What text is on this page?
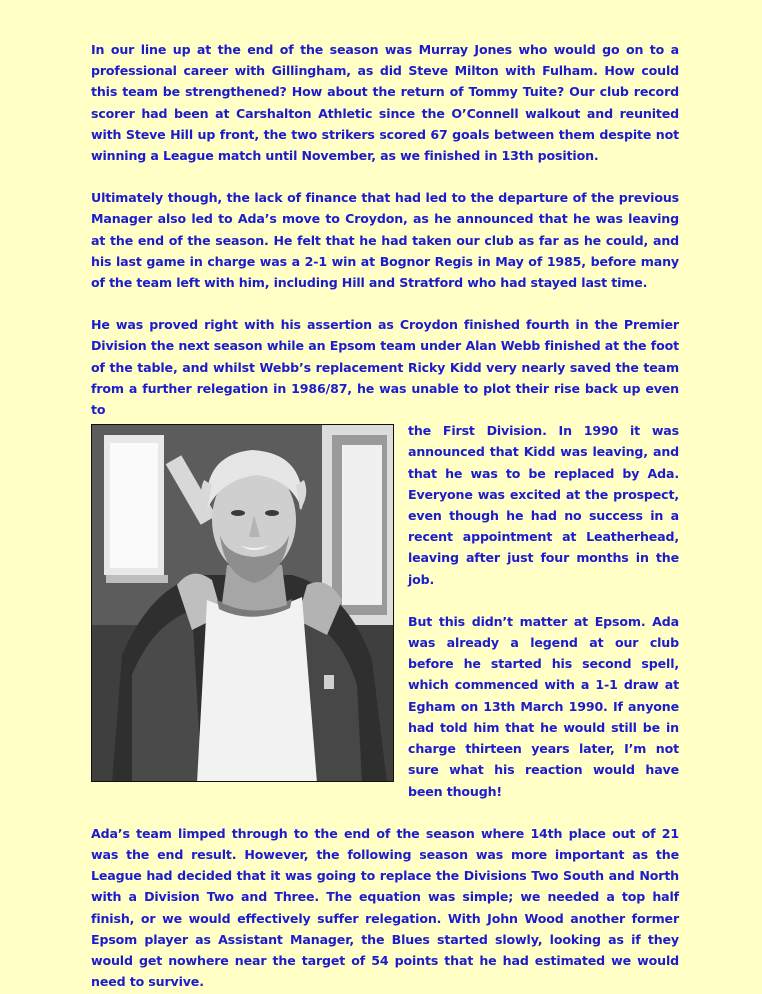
In our line up at the end of the season was Murray Jones who would go on to a professional career with Gillingham, as did Steve Milton with Fulham. How could this team be strengthened? How about the return of Tommy Tuite? Our club record scorer had been at Carshalton Athletic since the O’Connell walkout and reunited with Steve Hill up front, the two strikers scored 67 goals between them despite not winning a League match until November, as we finished in 13th position.

Ultimately though, the lack of finance that had led to the departure of the previous Manager also led to Ada’s move to Croydon, as he announced that he was leaving at the end of the season. He felt that he had taken our club as far as he could, and his last game in charge was a 2-1 win at Bognor Regis in May of 1985, before many of the team left with him, including Hill and Stratford who had stayed last time.

He was proved right with his assertion as Croydon finished fourth in the Premier Division the next season while an Epsom team under Alan Webb finished at the foot of the table, and whilst Webb’s replacement Ricky Kidd very nearly saved the team from a further relegation in 1986/87, he was unable to plot their rise back up even to

the First Division. In 1990 it was announced that Kidd was leaving, and that he was to be replaced by Ada. Everyone was excited at the prospect, even though he had no success in a recent appointment at Leatherhead, leaving after just four months in the job.

But this didn’t matter at Epsom. Ada was already a legend at our club before he started his second spell, which commenced with a 1-1 draw at Egham on 13th March 1990. If anyone had told him that he would still be in charge thirteen years later, I’m not sure what his reaction would have been though!

Ada’s team limped through to the end of the season where 14th place out of 21 was the end result. However, the following season was more important as the League had decided that it was going to replace the Divisions Two South and North with a Division Two and Three. The equation was simple; we needed a top half finish, or we would effectively suffer relegation. With John Wood another former Epsom player as Assistant Manager, the Blues started slowly, looking as if they would get nowhere near the target of 54 points that he had estimated we would need to survive.
